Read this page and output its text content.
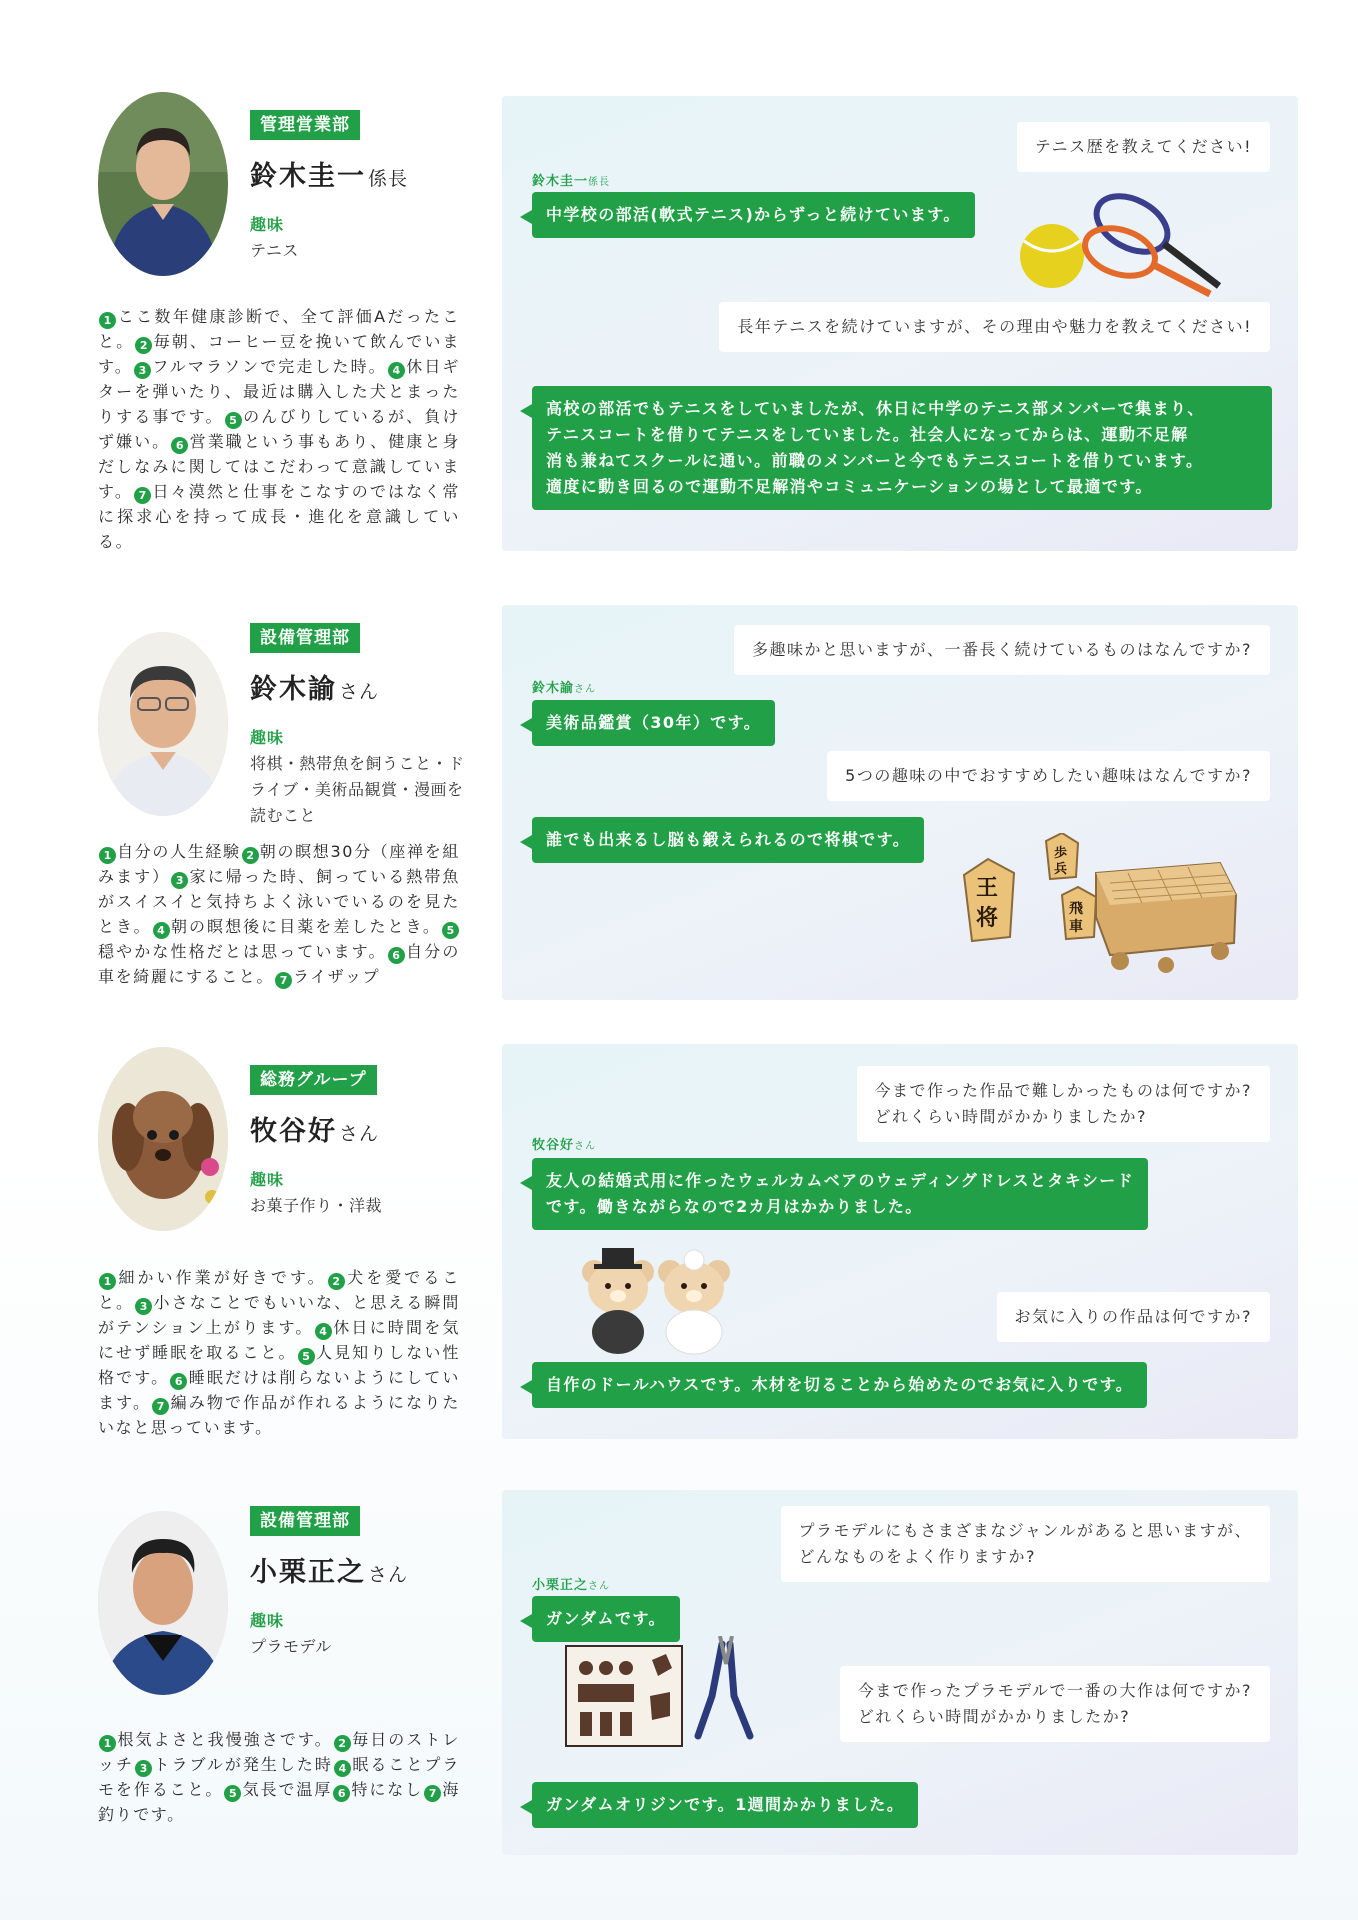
管理営業部
鈴木圭一 係長
趣味
テニス
1 ここ数年健康診断で、全て評価Aだったこと。 2 毎朝、コーヒー豆を挽いて飲んでいます。 3 フルマラソンで完走した時。 4 休日ギターを弾いたり、最近は購入した犬とまったりする事です。 5 のんびりしているが、負けず嫌い。 6 営業職という事もあり、健康と身だしなみに関してはこだわって意識しています。 7 日々漠然と仕事をこなすのではなく常に探求心を持って成長・進化を意識している。
テニス歴を教えてください!
鈴木圭一係長
中学校の部活(軟式テニス)からずっと続けています。
長年テニスを続けていますが、その理由や魅力を教えてください!
高校の部活でもテニスをしていましたが、休日に中学のテニス部メンバーで集まり、
テニスコートを借りてテニスをしていました。社会人になってからは、運動不足解
消も兼ねてスクールに通い。前職のメンバーと今でもテニスコートを借りています。
適度に動き回るので運動不足解消やコミュニケーションの場として最適です。
設備管理部
鈴木諭 さん
趣味
将棋・熱帯魚を飼うこと・ドライブ・美術品観賞・漫画を読むこと
1 自分の人生経験 2 朝の瞑想30分（座禅を組みます） 3 家に帰った時、飼っている熱帯魚がスイスイと気持ちよく泳いでいるのを見たとき。 4 朝の瞑想後に目薬を差したとき。 5穏やかな性格だとは思っています。 6 自分の車を綺麗にすること。 7 ライザップ
多趣味かと思いますが、一番長く続けているものはなんですか?
鈴木諭さん
美術品鑑賞（30年）です。
5つの趣味の中でおすすめしたい趣味はなんですか?
誰でも出来るし脳も鍛えられるので将棋です。
王
将
歩
兵
飛
車
総務グループ
牧谷好 さん
趣味
お菓子作り・洋裁
1 細かい作業が好きです。 2 犬を愛でること。 3 小さなことでもいいな、と思える瞬間がテンション上がります。 4 休日に時間を気にせず睡眠を取ること。 5 人見知りしない性格です。 6 睡眠だけは削らないようにしています。 7 編み物で作品が作れるようになりたいなと思っています。
今まで作った作品で難しかったものは何ですか?
どれくらい時間がかかりましたか?
牧谷好さん
友人の結婚式用に作ったウェルカムベアのウェディングドレスとタキシード
です。働きながらなので2カ月はかかりました。
お気に入りの作品は何ですか?
自作のドールハウスです。木材を切ることから始めたのでお気に入りです。
設備管理部
小栗正之 さん
趣味
プラモデル
1 根気よさと我慢強さです。 2 毎日のストレッチ 3 トラブルが発生した時 4 眠ることプラモを作ること。 5 気長で温厚 6 特になし 7 海釣りです。
プラモデルにもさまざまなジャンルがあると思いますが、
どんなものをよく作りますか?
小栗正之さん
ガンダムです。
今まで作ったプラモデルで一番の大作は何ですか?
どれくらい時間がかかりましたか?
ガンダムオリジンです。1週間かかりました。
